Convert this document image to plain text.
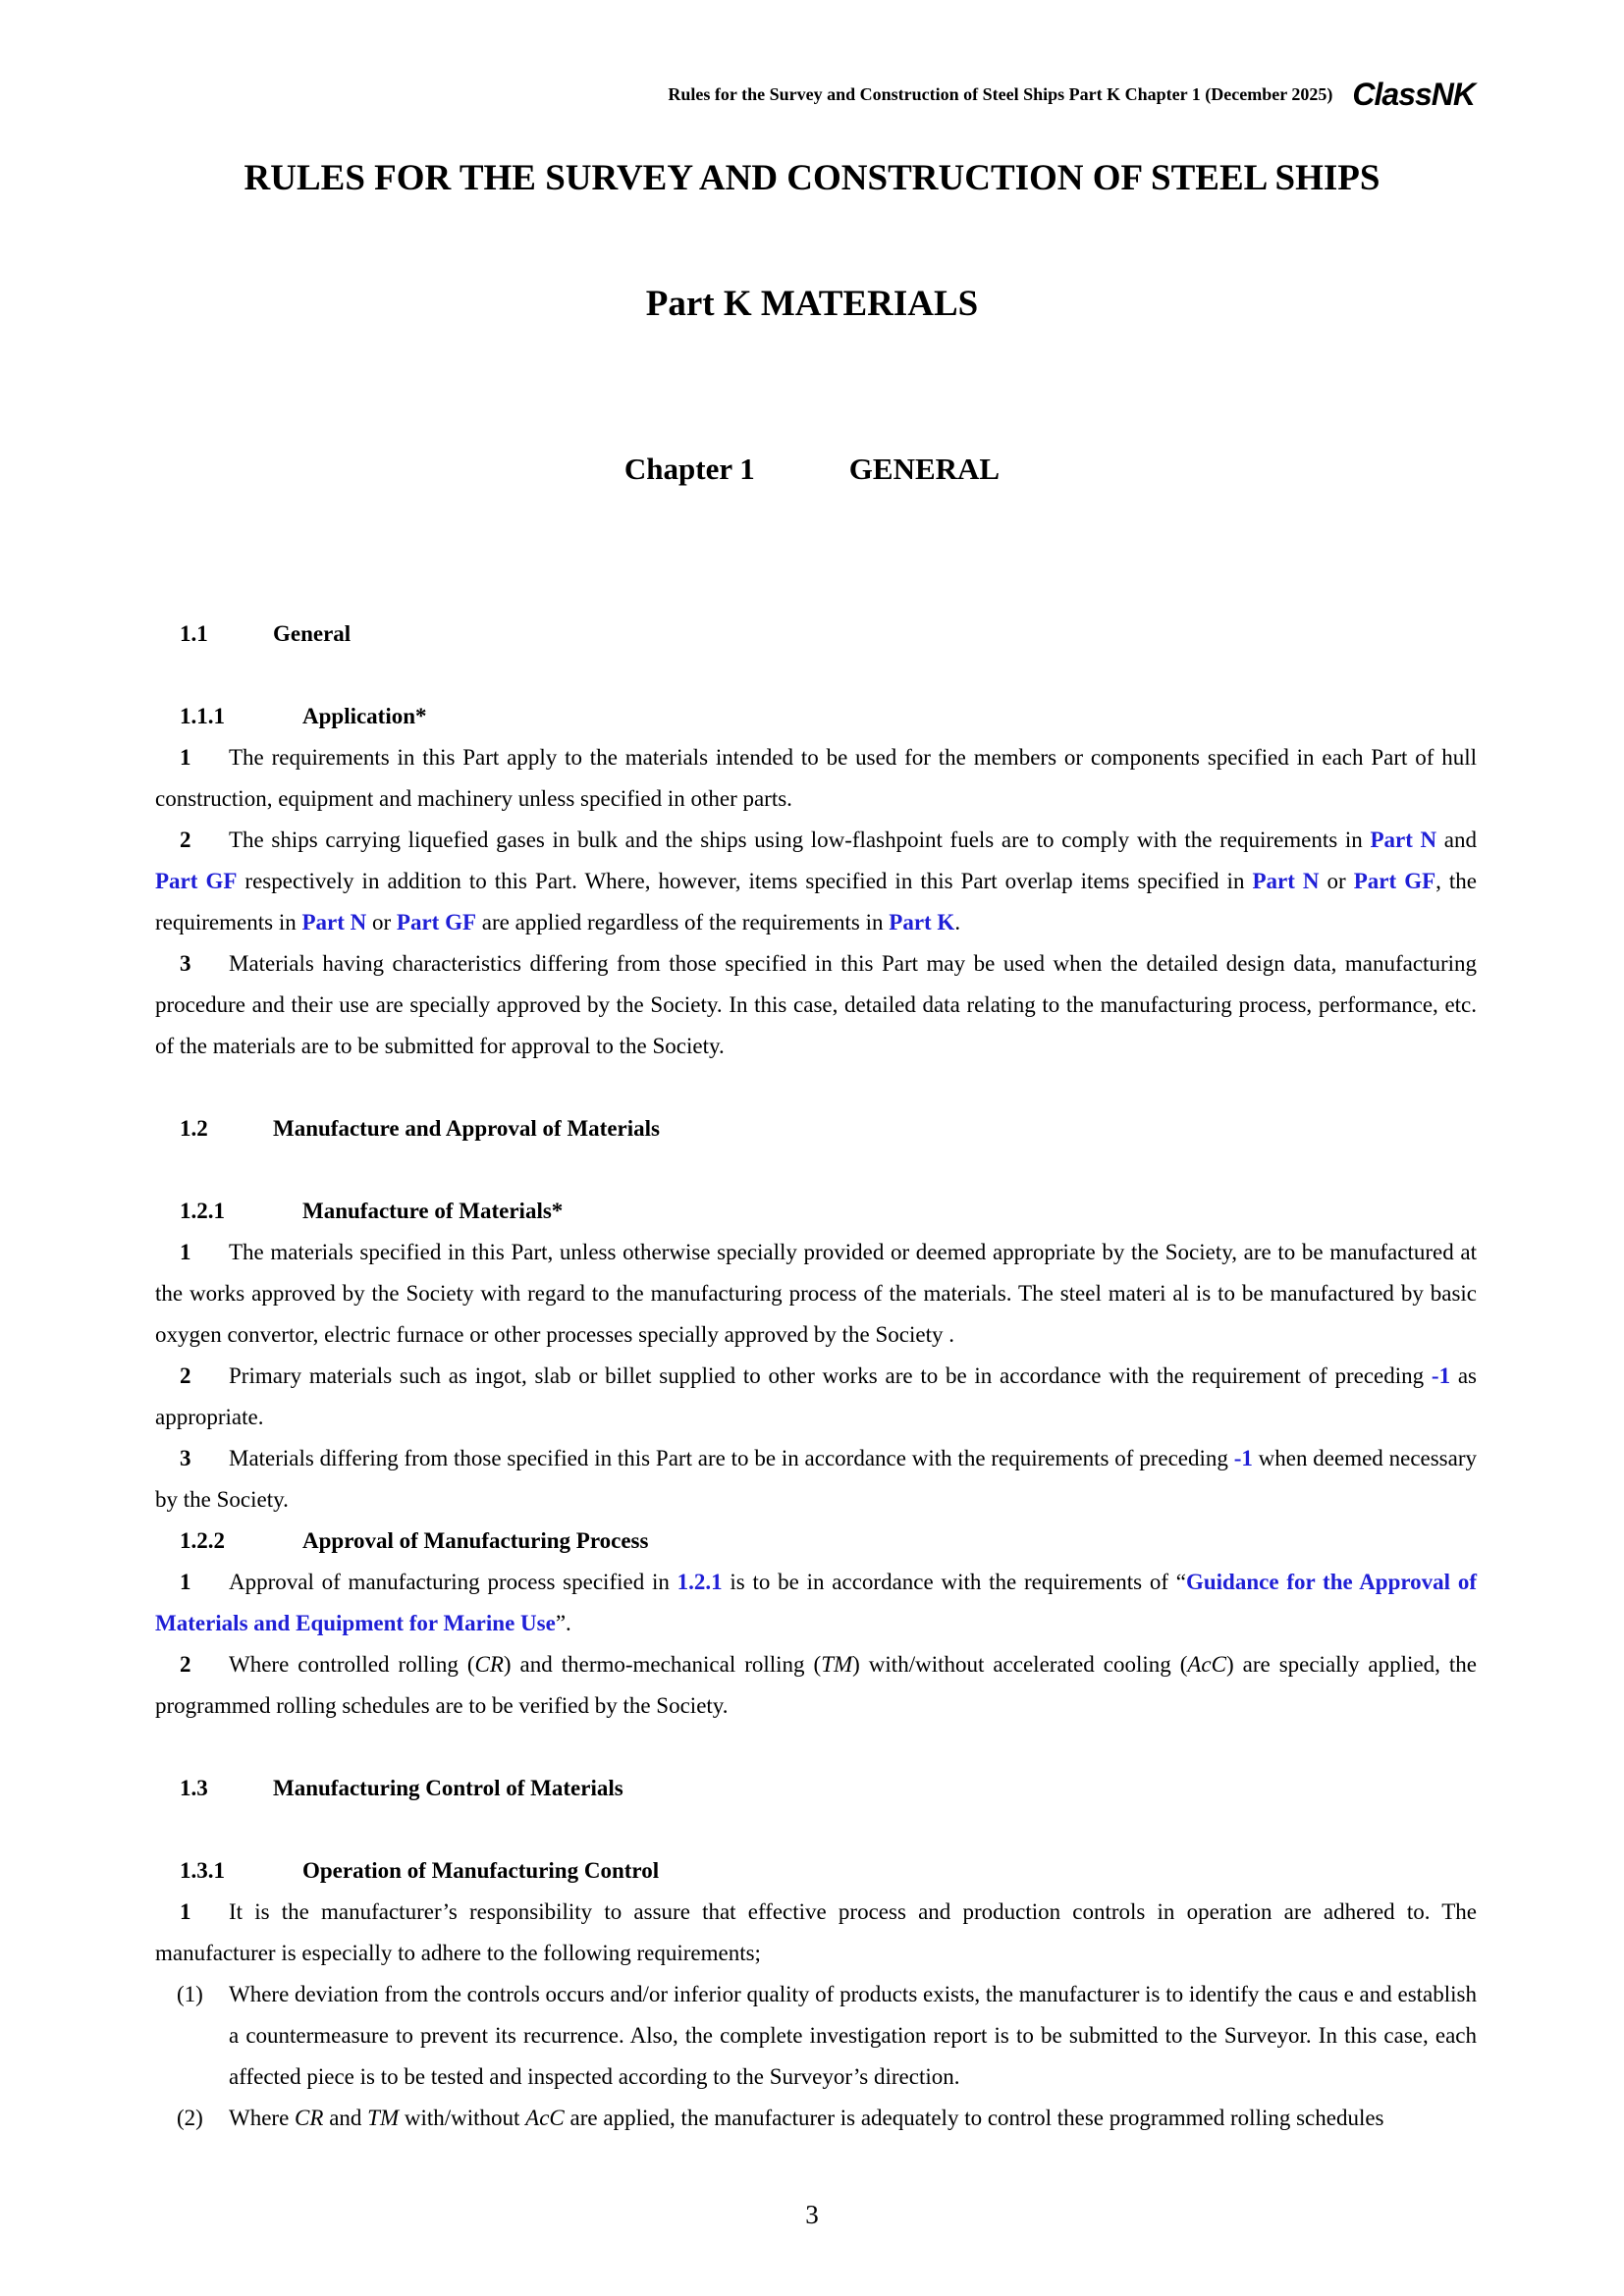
Rules for the Survey and Construction of Steel Ships Part K Chapter 1 (December 2025) ClassNK
RULES FOR THE SURVEY AND CONSTRUCTION OF STEEL SHIPS
Part K MATERIALS
Chapter 1	GENERAL
1.1	General
1.1.1	Application*

1 The requirements in this Part apply to the materials intended to be used for the members or components specified in each Part of hull construction, equipment and machinery unless specified in other parts.

2 The ships carrying liquefied gases in bulk and the ships using low-flashpoint fuels are to comply with the requirements in Part N and Part GF respectively in addition to this Part. Where, however, items specified in this Part overlap items specified in Part N or Part GF, the requirements in Part N or Part GF are applied regardless of the requirements in Part K.

3 Materials having characteristics differing from those specified in this Part may be used when the detailed design data, manufacturing procedure and their use are specially approved by the Society. In this case, detailed data relating to the manufacturing process, performance, etc. of the materials are to be submitted for approval to the Society.

1.2	Manufacture and Approval of Materials
1.2.1	Manufacture of Materials*

1 The materials specified in this Part, unless otherwise specially provided or deemed appropriate by the Society, are to be manufactured at the works approved by the Society with regard to the manufacturing process of the materials. The steel materi al is to be manufactured by basic oxygen convertor, electric furnace or other processes specially approved by the Society .

2 Primary materials such as ingot, slab or billet supplied to other works are to be in accordance with the requirement of preceding -1 as appropriate.

3 Materials differing from those specified in this Part are to be in accordance with the requirements of preceding -1 when deemed necessary by the Society.

1.2.2	Approval of Manufacturing Process

1 Approval of manufacturing process specified in 1.2.1 is to be in accordance with the requirements of “Guidance for the Approval of Materials and Equipment for Marine Use”.

2 Where controlled rolling (CR) and thermo-mechanical rolling (TM) with/without accelerated cooling (AcC) are specially applied, the programmed rolling schedules are to be verified by the Society.

1.3	Manufacturing Control of Materials
1.3.1	Operation of Manufacturing Control

1 It is the manufacturer’s responsibility to assure that effective process and production controls in operation are adhered to. The manufacturer is especially to adhere to the following requirements;

(1) Where deviation from the controls occurs and/or inferior quality of products exists, the manufacturer is to identify the caus e and establish a countermeasure to prevent its recurrence. Also, the complete investigation report is to be submitted to the Surveyor. In this case, each affected piece is to be tested and inspected according to the Surveyor’s direction.

(2) Where CR and TM with/without AcC are applied, the manufacturer is adequately to control these programmed rolling schedules

3
